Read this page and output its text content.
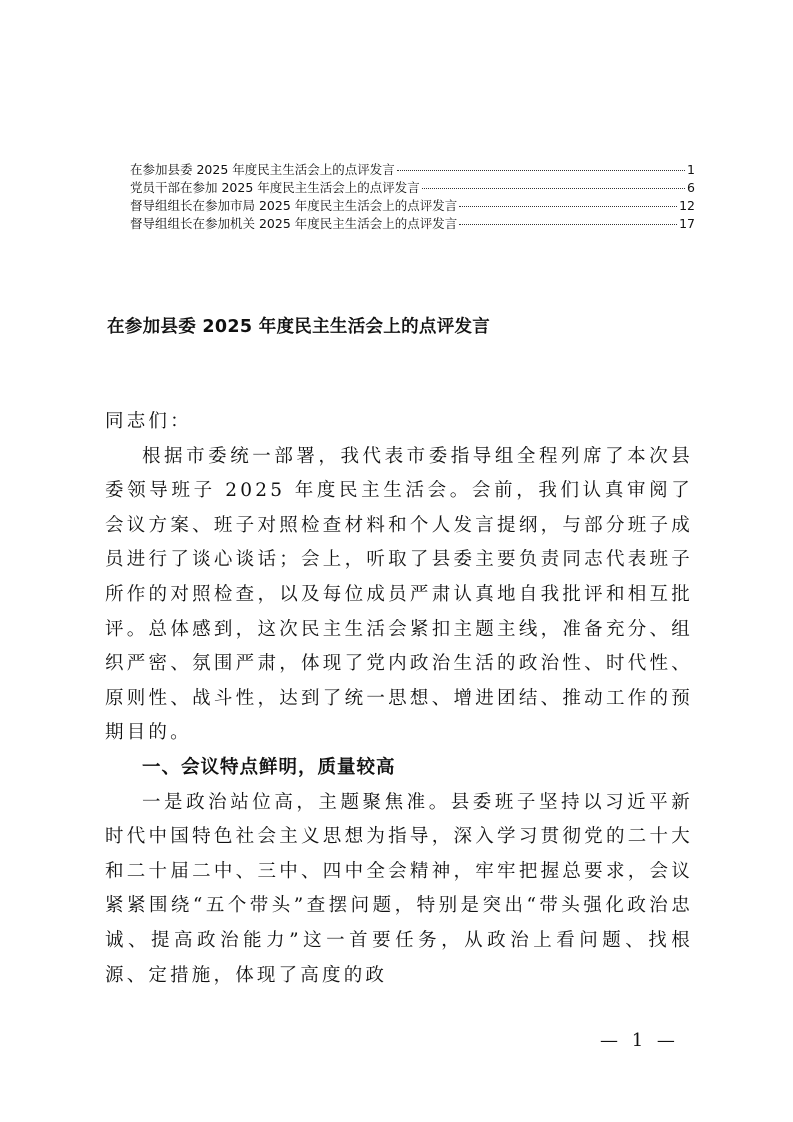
在参加县委 2025 年度民主生活会上的点评发言	1
党员干部在参加 2025 年度民主生活会上的点评发言	6
督导组组长在参加市局 2025 年度民主生活会上的点评发言	12
督导组组长在参加机关 2025 年度民主生活会上的点评发言	17
在参加县委 2025 年度民主生活会上的点评发言

同志们：

根据市委统一部署，我代表市委指导组全程列席了本次县委领导班子 2025 年度民主生活会。会前，我们认真审阅了会议方案、班子对照检查材料和个人发言提纲，与部分班子成员进行了谈心谈话；会上，听取了县委主要负责同志代表班子所作的对照检查，以及每位成员严肃认真地自我批评和相互批评。总体感到，这次民主生活会紧扣主题主线，准备充分、组织严密、氛围严肃，体现了党内政治生活的政治性、时代性、原则性、战斗性，达到了统一思想、增进团结、推动工作的预期目的。

一、会议特点鲜明，质量较高

一是政治站位高，主题聚焦准。县委班子坚持以习近平新时代中国特色社会主义思想为指导，深入学习贯彻党的二十大和二十届二中、三中、四中全会精神，牢牢把握总要求，会议紧紧围绕“五个带头”查摆问题，特别是突出“带头强化政治忠诚、提高政治能力”这一首要任务，从政治上看问题、找根源、定措施，体现了高度的政

— 1 —
